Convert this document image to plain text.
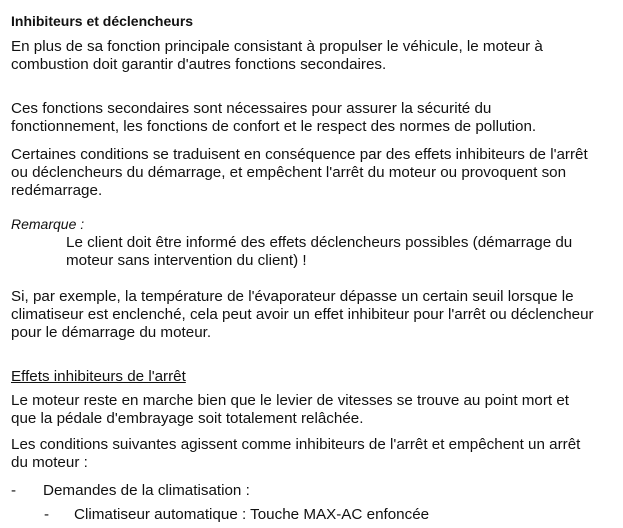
Inhibiteurs et déclencheurs

En plus de sa fonction principale consistant à propulser le véhicule, le moteur à

combustion doit garantir d'autres fonctions secondaires.

Ces fonctions secondaires sont nécessaires pour assurer la sécurité du

fonctionnement, les fonctions de confort et le respect des normes de pollution.

Certaines conditions se traduisent en conséquence par des effets inhibiteurs de l'arrêt

ou déclencheurs du démarrage, et empêchent l'arrêt du moteur ou provoquent son

redémarrage.

Remarque :

Le client doit être informé des effets déclencheurs possibles (démarrage du

moteur sans intervention du client) !

Si, par exemple, la température de l'évaporateur dépasse un certain seuil lorsque le

climatiseur est enclenché, cela peut avoir un effet inhibiteur pour l'arrêt ou déclencheur

pour le démarrage du moteur.

Effets inhibiteurs de l'arrêt

Le moteur reste en marche bien que le levier de vitesses se trouve au point mort et

que la pédale d'embrayage soit totalement relâchée.

Les conditions suivantes agissent comme inhibiteurs de l'arrêt et empêchent un arrêt

du moteur :

- Demandes de la climatisation :
- Climatiseur automatique : Touche MAX-AC enfoncée
